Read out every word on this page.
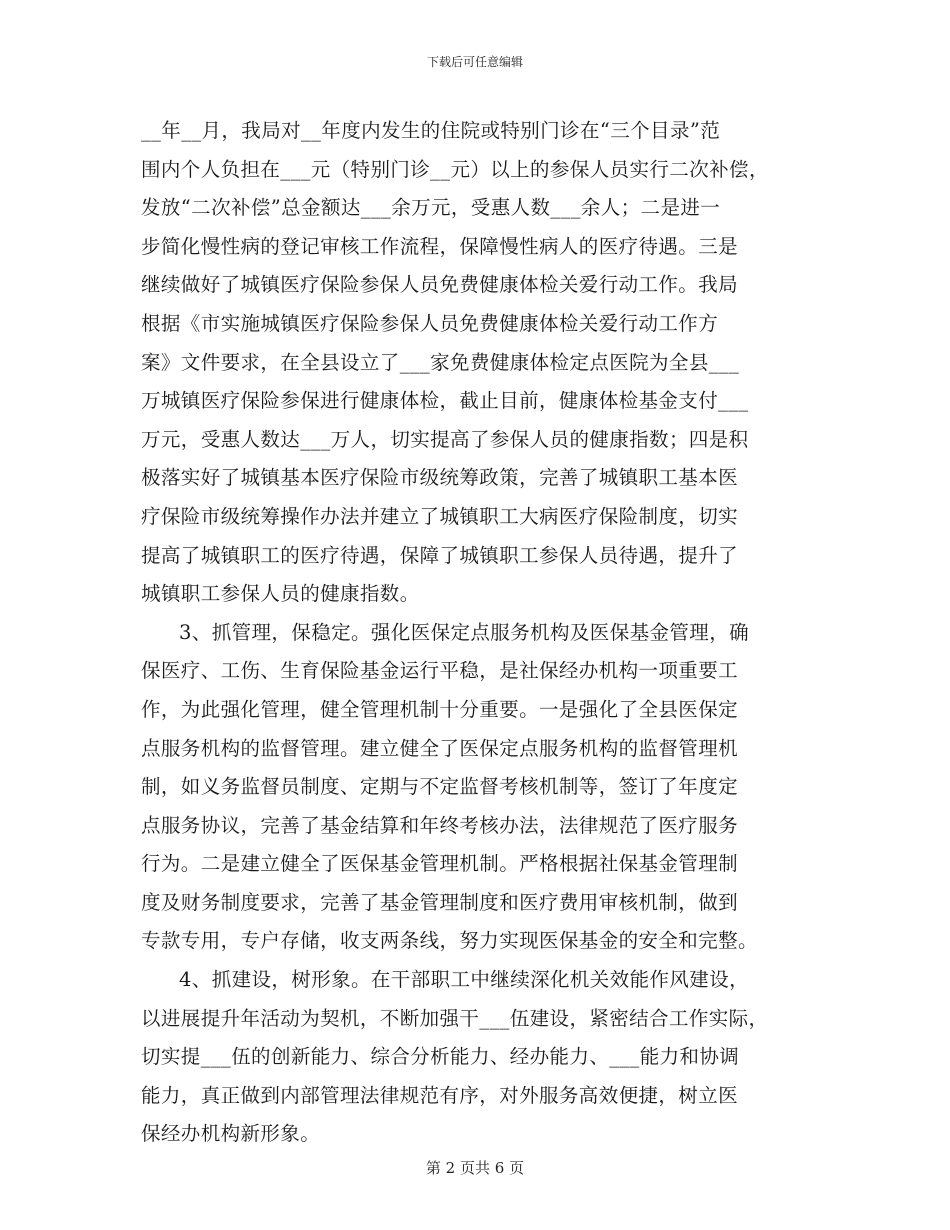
下载后可任意编辑
__年__月，我局对__年度内发生的住院或特别门诊在“三个目录”范
围内个人负担在___元（特别门诊__元）以上的参保人员实行二次补偿，
发放“二次补偿”总金额达___余万元，受惠人数___余人；二是进一
步简化慢性病的登记审核工作流程，保障慢性病人的医疗待遇。三是
继续做好了城镇医疗保险参保人员免费健康体检关爱行动工作。我局
根据《市实施城镇医疗保险参保人员免费健康体检关爱行动工作方
案》文件要求，在全县设立了___家免费健康体检定点医院为全县___
万城镇医疗保险参保进行健康体检，截止目前，健康体检基金支付___
万元，受惠人数达___万人，切实提高了参保人员的健康指数；四是积
极落实好了城镇基本医疗保险市级统筹政策，完善了城镇职工基本医
疗保险市级统筹操作办法并建立了城镇职工大病医疗保险制度，切实
提高了城镇职工的医疗待遇，保障了城镇职工参保人员待遇，提升了
城镇职工参保人员的健康指数。
3、抓管理，保稳定。强化医保定点服务机构及医保基金管理，确
保医疗、工伤、生育保险基金运行平稳，是社保经办机构一项重要工
作，为此强化管理，健全管理机制十分重要。一是强化了全县医保定
点服务机构的监督管理。建立健全了医保定点服务机构的监督管理机
制，如义务监督员制度、定期与不定监督考核机制等，签订了年度定
点服务协议，完善了基金结算和年终考核办法，法律规范了医疗服务
行为。二是建立健全了医保基金管理机制。严格根据社保基金管理制
度及财务制度要求，完善了基金管理制度和医疗费用审核机制，做到
专款专用，专户存储，收支两条线，努力实现医保基金的安全和完整。
4、抓建设，树形象。在干部职工中继续深化机关效能作风建设，
以进展提升年活动为契机，不断加强干___伍建设，紧密结合工作实际，
切实提___伍的创新能力、综合分析能力、经办能力、___能力和协调
能力，真正做到内部管理法律规范有序，对外服务高效便捷，树立医
保经办机构新形象。
第 2 页共 6 页
